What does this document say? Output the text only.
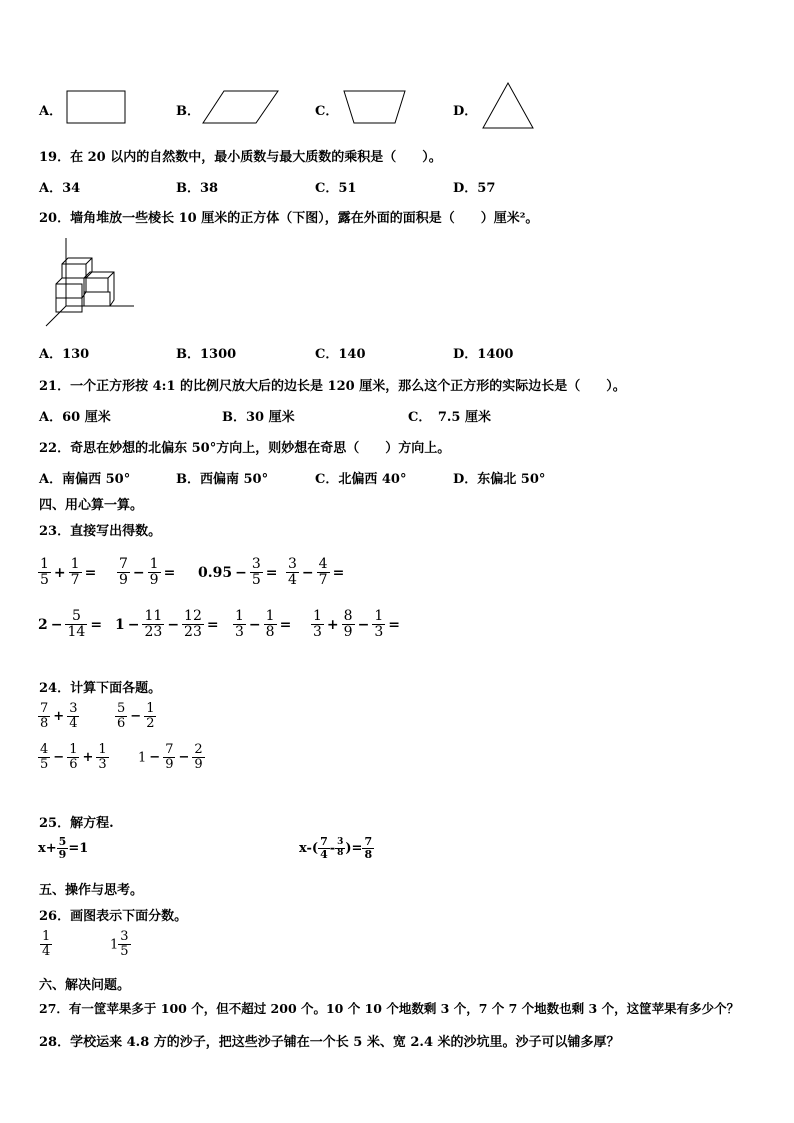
A．	B．	C．	D．
19．在 20 以内的自然数中，最小质数与最大质数的乘积是（　　）。
A．34	B．38	C．51	D．57
20．墙角堆放一些棱长 10 厘米的正方体（下图），露在外面的面积是（　　）厘米²。
A．130	B．1300	C．140	D．1400
21．一个正方形按 4:1 的比例尺放大后的边长是 120 厘米，那么这个正方形的实际边长是（　　）。
A．60 厘米	B．30 厘米	C．　7.5 厘米
22．奇思在妙想的北偏东 50°方向上，则妙想在奇思（　　）方向上。
A．南偏西 50°	B．西偏南 50°	C．北偏西 40°	D．东偏北 50°
四、用心算一算。
23．直接写出得数。
$\frac{1}{5} + \frac{1}{7} = \frac{7}{9} - \frac{1}{9} = 0.95 - \frac{3}{5} = \frac{3}{4} - \frac{4}{7}$ =
$2 - \frac{5}{14} = 1 - \frac{11}{23} - \frac{12}{23} = \frac{1}{3} - \frac{1}{8} = \frac{1}{3} + \frac{8}{9} - \frac{1}{3}$ =
24．计算下面各题。
$\frac{7}{8} + \frac{3}{4}$	$\frac{5}{6} - \frac{1}{2}$
$\frac{4}{5} - \frac{1}{6} + \frac{1}{3} 1 - \frac{7}{9} - \frac{2}{9}$
25．解方程.
$x+ \frac{5}{9} =1$	$x-( \frac{7}{4} - \frac{3}{8}$ )= $\frac{7}{8}$
五、操作与思考。
26．画图表示下面分数。
$\frac{1}{4}$	$1 \frac{3}{5}$
六、解决问题。
27．有一筐苹果多于 100 个，但不超过 200 个。10 个 10 个地数剩 3 个，7 个 7 个地数也剩 3 个，这筐苹果有多少个？
28．学校运来 4.8 方的沙子，把这些沙子铺在一个长 5 米、宽 2.4 米的沙坑里。沙子可以铺多厚？
